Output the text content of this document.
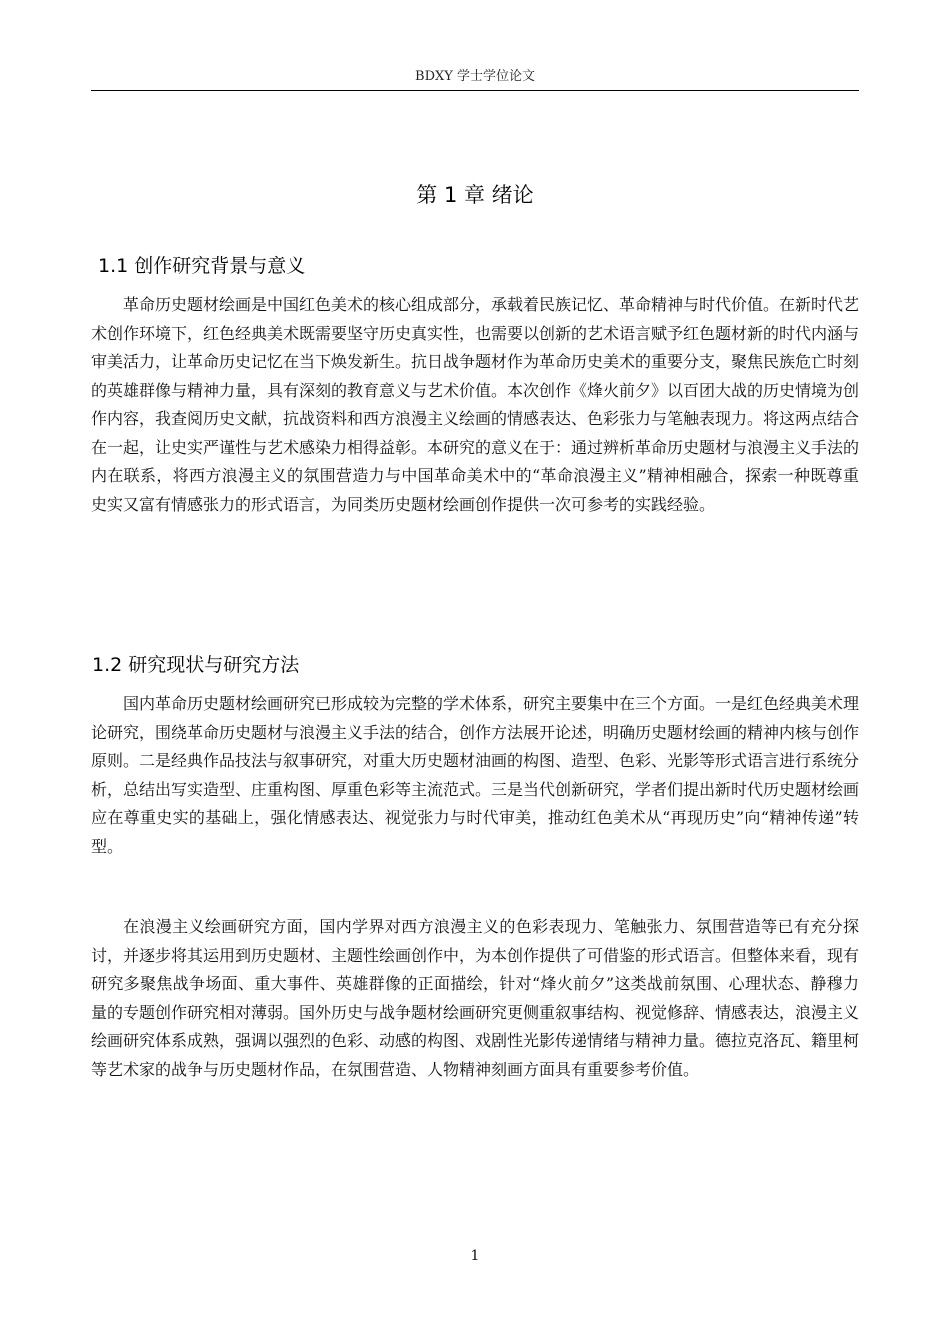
BDXY 学士学位论文
第 1 章 绪论
1.1 创作研究背景与意义

革命历史题材绘画是中国红色美术的核心组成部分，承载着民族记忆、革命精神与时代价值。在新时代艺术创作环境下，红色经典美术既需要坚守历史真实性，也需要以创新的艺术语言赋予红色题材新的时代内涵与审美活力，让革命历史记忆在当下焕发新生。抗日战争题材作为革命历史美术的重要分支，聚焦民族危亡时刻的英雄群像与精神力量，具有深刻的教育意义与艺术价值。本次创作《烽火前夕》以百团大战的历史情境为创作内容，我查阅历史文献，抗战资料和西方浪漫主义绘画的情感表达、色彩张力与笔触表现力。将这两点结合在一起，让史实严谨性与艺术感染力相得益彰。本研究的意义在于：通过辨析革命历史题材与浪漫主义手法的内在联系，将西方浪漫主义的氛围营造力与中国革命美术中的“革命浪漫主义”精神相融合，探索一种既尊重史实又富有情感张力的形式语言，为同类历史题材绘画创作提供一次可参考的实践经验。

1.2 研究现状与研究方法

国内革命历史题材绘画研究已形成较为完整的学术体系，研究主要集中在三个方面。一是红色经典美术理论研究，围绕革命历史题材与浪漫主义手法的结合，创作方法展开论述，明确历史题材绘画的精神内核与创作原则。二是经典作品技法与叙事研究，对重大历史题材油画的构图、造型、色彩、光影等形式语言进行系统分析，总结出写实造型、庄重构图、厚重色彩等主流范式。三是当代创新研究，学者们提出新时代历史题材绘画应在尊重史实的基础上，强化情感表达、视觉张力与时代审美，推动红色美术从“再现历史”向“精神传递”转型。

在浪漫主义绘画研究方面，国内学界对西方浪漫主义的色彩表现力、笔触张力、氛围营造等已有充分探讨，并逐步将其运用到历史题材、主题性绘画创作中，为本创作提供了可借鉴的形式语言。但整体来看，现有研究多聚焦战争场面、重大事件、英雄群像的正面描绘，针对“烽火前夕”这类战前氛围、心理状态、静穆力量的专题创作研究相对薄弱。国外历史与战争题材绘画研究更侧重叙事结构、视觉修辞、情感表达，浪漫主义绘画研究体系成熟，强调以强烈的色彩、动感的构图、戏剧性光影传递情绪与精神力量。德拉克洛瓦、籍里柯等艺术家的战争与历史题材作品，在氛围营造、人物精神刻画方面具有重要参考价值。

1
